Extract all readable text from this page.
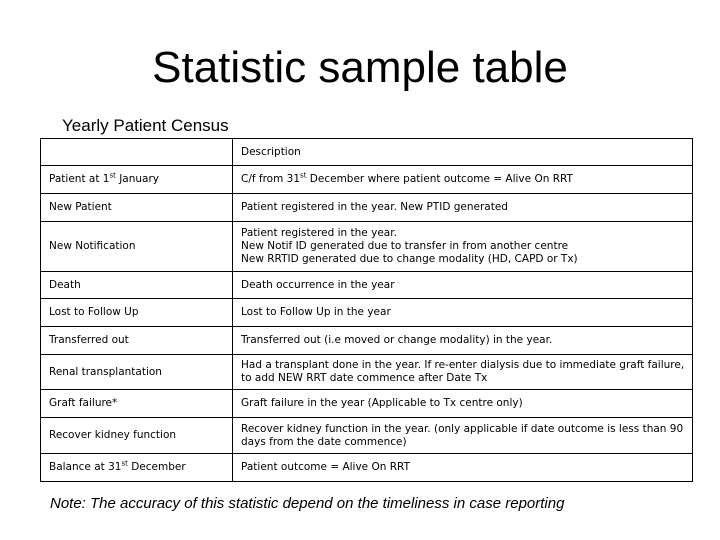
Statistic sample table
Yearly Patient Census
	Description
Patient at 1st January	C/f from 31st December where patient outcome = Alive On RRT
New Patient	Patient registered in the year. New PTID generated

New Notification	Patient registered in the year.
New Notif ID generated due to transfer in from another centre
New RRTID generated due to change modality (HD, CAPD or Tx)

Death	Death occurrence in the year

Lost to Follow Up	Lost to Follow Up in the year

Transferred out	Transferred out (i.e moved or change modality) in the year.

Renal transplantation	Had a transplant done in the year. If re-enter dialysis due to immediate graft failure,
to add NEW RRT date commence after Date Tx

Graft failure*	Graft failure in the year (Applicable to Tx centre only)

Recover kidney function	Recover kidney function in the year. (only applicable if date outcome is less than 90
days from the date commence)

Balance at 31st December	Patient outcome = Alive On RRT
Note: The accuracy of this statistic depend on the timeliness in case reporting
